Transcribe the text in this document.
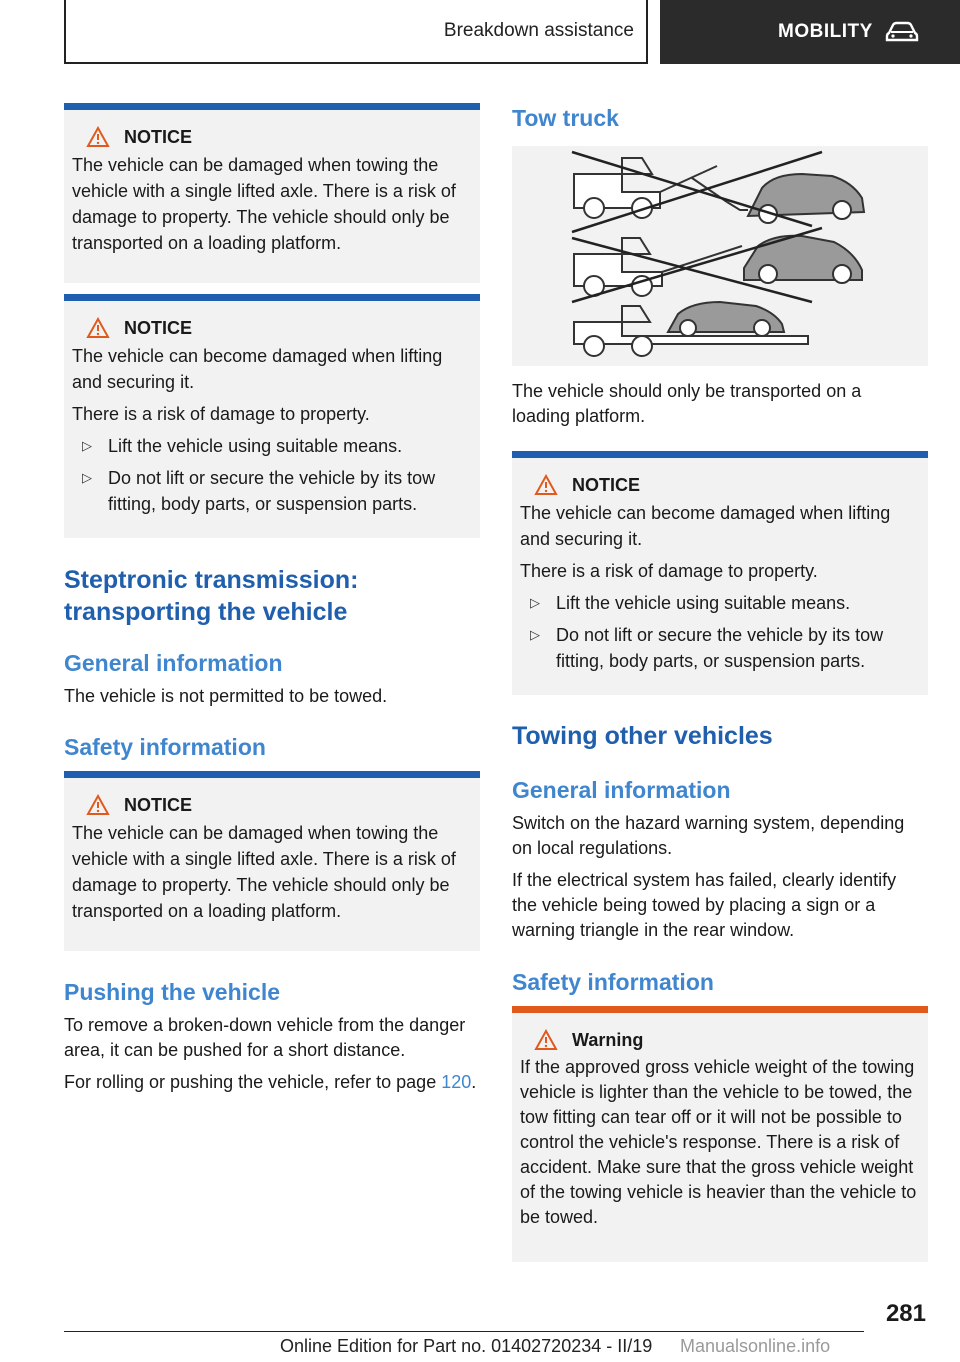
Breakdown assistance	MOBILITY
NOTICE

The vehicle can be damaged when towing the vehicle with a single lifted axle. There is a risk of damage to property. The vehicle should only be transported on a loading platform.

NOTICE

The vehicle can become damaged when lifting and securing it.

There is a risk of damage to property.

▷ Lift the vehicle using suitable means.
▷ Do not lift or secure the vehicle by its tow fitting, body parts, or suspension parts.
Steptronic transmission: transporting the vehicle
General information
The vehicle is not permitted to be towed.
Safety information
NOTICE

The vehicle can be damaged when towing the vehicle with a single lifted axle. There is a risk of damage to property. The vehicle should only be transported on a loading platform.

Pushing the vehicle

To remove a broken-down vehicle from the danger area, it can be pushed for a short distance.

For rolling or pushing the vehicle, refer to page 120.

Tow truck
The vehicle should only be transported on a loading platform.
NOTICE

The vehicle can become damaged when lifting and securing it.

There is a risk of damage to property.

▷ Lift the vehicle using suitable means.
▷ Do not lift or secure the vehicle by its tow fitting, body parts, or suspension parts.
Towing other vehicles
General information

Switch on the hazard warning system, depending on local regulations.

If the electrical system has failed, clearly identify the vehicle being towed by placing a sign or a warning triangle in the rear window.

Safety information
Warning

If the approved gross vehicle weight of the towing vehicle is lighter than the vehicle to be towed, the tow fitting can tear off or it will not be possible to control the vehicle's response. There is a risk of accident. Make sure that the gross vehicle weight of the towing vehicle is heavier than the vehicle to be towed.

281
Online Edition for Part no. 01402720234 - II/19 Manualsonline.info
